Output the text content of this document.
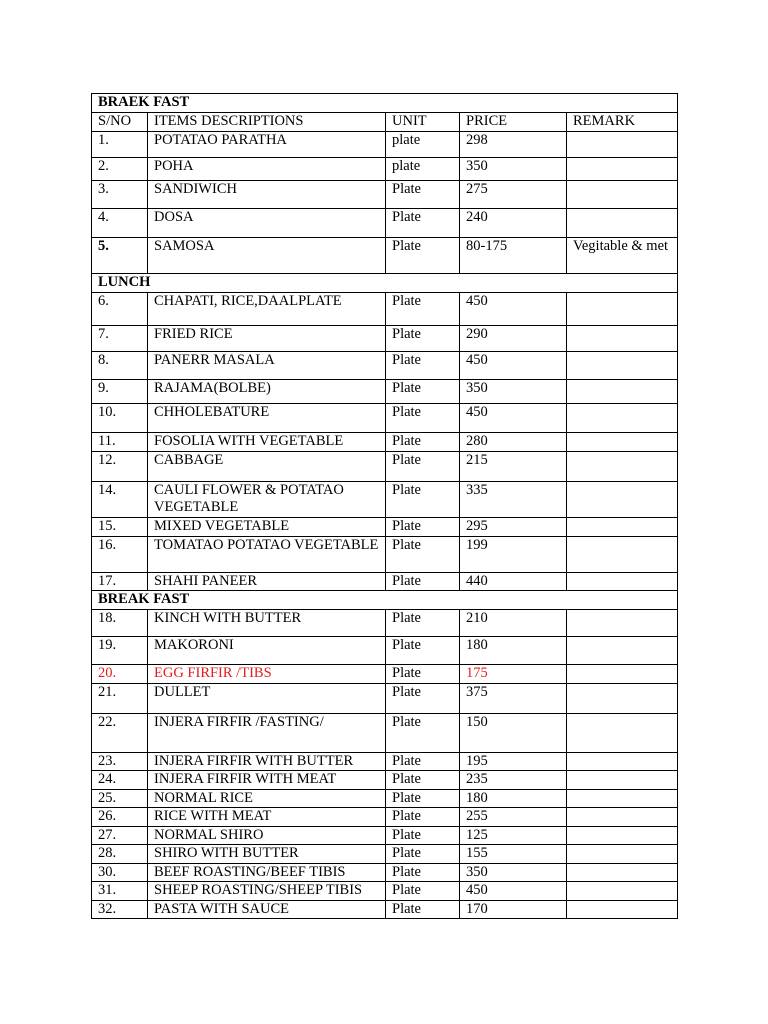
BRAEK FAST				
S/NO	ITEMS DESCRIPTIONS	UNIT	PRICE	REMARK
1.	POTATAO PARATHA	plate	298	
2.	POHA	plate	350	
3.	SANDIWICH	Plate	275	
4.	DOSA	Plate	240	
5.	SAMOSA	Plate	80-175	Vegitable & met
LUNCH				
6.	CHAPATI, RICE,DAALPLATE	Plate	450	
7.	FRIED RICE	Plate	290	
8.	PANERR MASALA	Plate	450	
9.	RAJAMA(BOLBE)	Plate	350	
10.	CHHOLEBATURE	Plate	450	
11.	FOSOLIA WITH VEGETABLE	Plate	280	
12.	CABBAGE	Plate	215	
14.	CAULI FLOWER & POTATAO VEGETABLE	Plate	335	
15.	MIXED VEGETABLE	Plate	295	
16.	TOMATAO POTATAO VEGETABLE	Plate	199	
17.	SHAHI PANEER	Plate	440	
BREAK FAST				
18.	KINCH WITH BUTTER	Plate	210	
19.	MAKORONI	Plate	180	
20.	EGG FIRFIR /TIBS	Plate	175	
21.	DULLET	Plate	375	
22.	INJERA FIRFIR /FASTING/	Plate	150	
23.	INJERA FIRFIR WITH BUTTER	Plate	195	
24.	INJERA FIRFIR WITH MEAT	Plate	235	
25.	NORMAL RICE	Plate	180	
26.	RICE WITH MEAT	Plate	255	
27.	NORMAL SHIRO	Plate	125	
28.	SHIRO WITH BUTTER	Plate	155	
30.	BEEF ROASTING/BEEF TIBIS	Plate	350	
31.	SHEEP ROASTING/SHEEP TIBIS	Plate	450	
32.	PASTA WITH SAUCE	Plate	170	
